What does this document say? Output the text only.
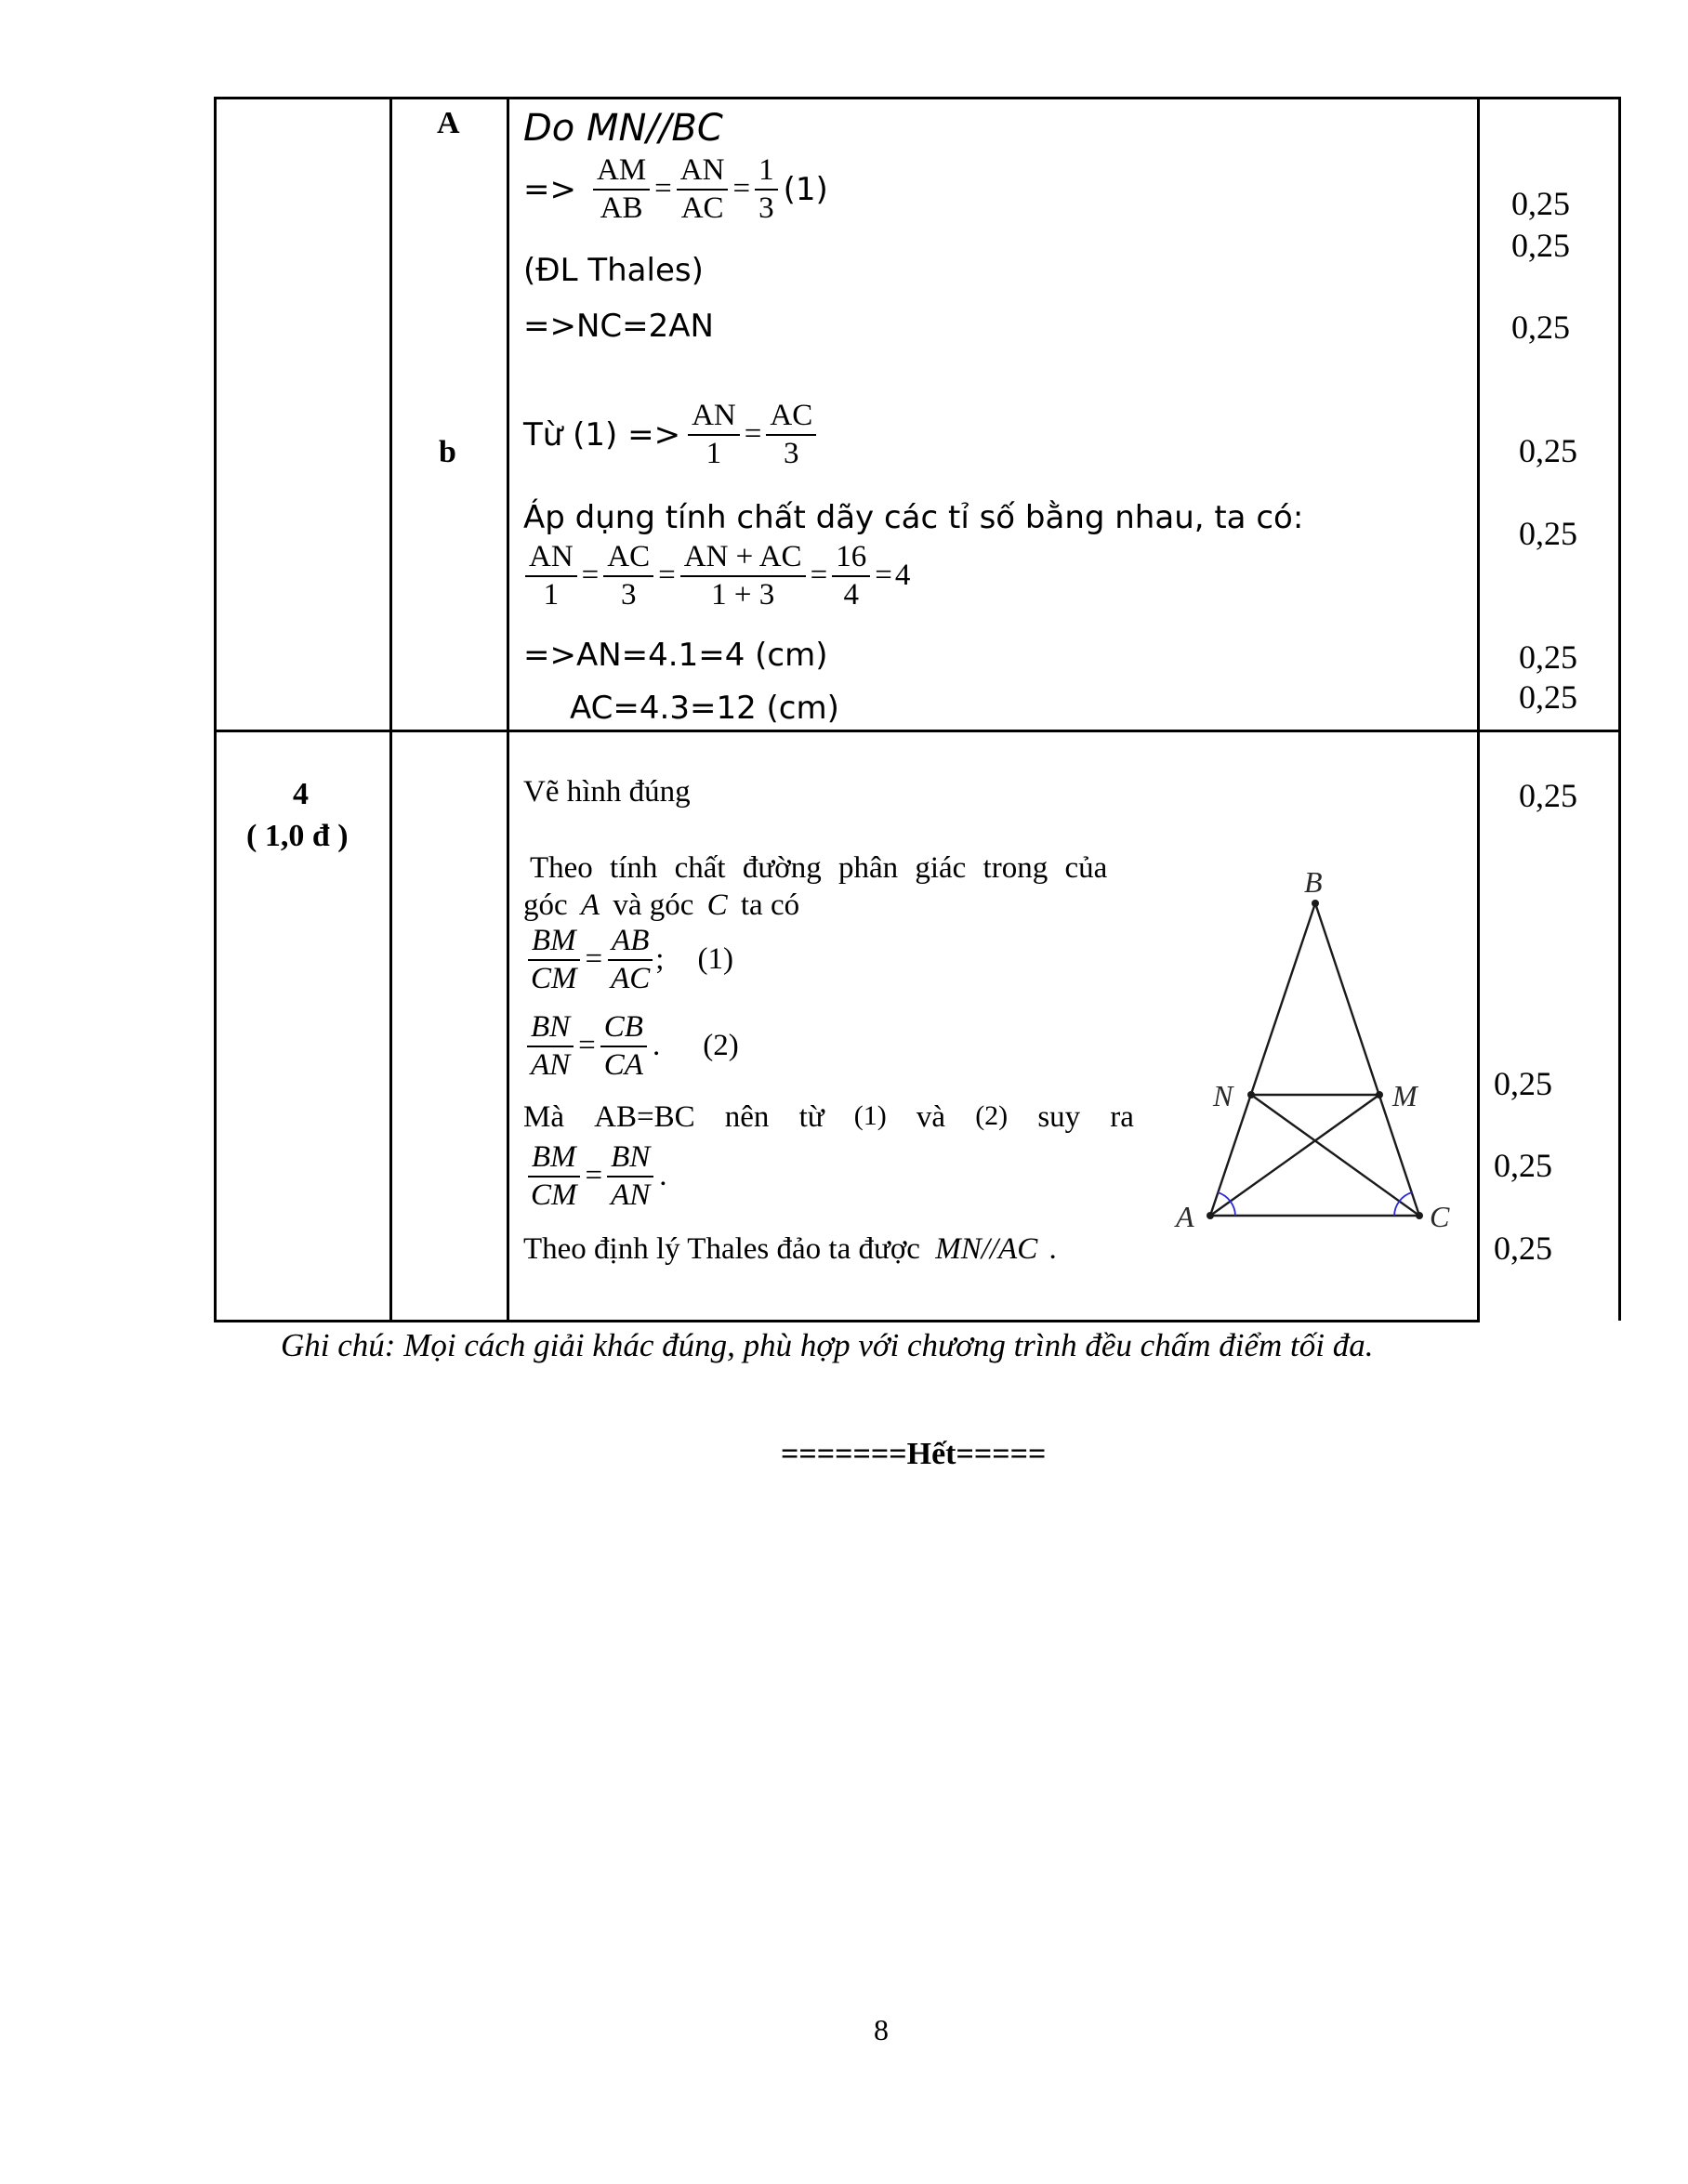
A
b
Do MN//BC
=> $\frac{AM}{AB} = \frac{AN}{AC} = \frac{1}{3} (1)$
(ĐL Thales)
=>NC=2AN
Từ $(1) => \frac{AN}{1} = \frac{AC}{3}$
Áp dụng tính chất dãy các tỉ số bằng nhau, ta có:
$\frac{AN}{1} = \frac{AC}{3} = \frac{AN + AC}{1 + 3} = \frac{16}{4} = 4$
=>AN=4.1=4 (cm)
AC=4.3=12 (cm)
0,25
0,25
0,25
0,25
0,25
0,25
0,25
4
( 1,0 đ )
Vẽ hình đúng
Theo tính chất đường phân giác trong của
góc A và góc C ta có
$\frac{BM}{CM} = \frac{AB}{AC}$ ; (1)
$\frac{BN}{AN} = \frac{CB}{CA}$ . (2)
Mà AB=BC nên từ (1) và (2) suy ra
$\frac{BM}{CM} = \frac{BN}{AN}$ .
Theo định lý Thales đảo ta được MN//AC .
B
N	M
A	C
0,25
0,25
0,25
0,25
Ghi chú: Mọi cách giải khác đúng, phù hợp với chương trình đều chấm điểm tối đa.
=======Hết=====
8
